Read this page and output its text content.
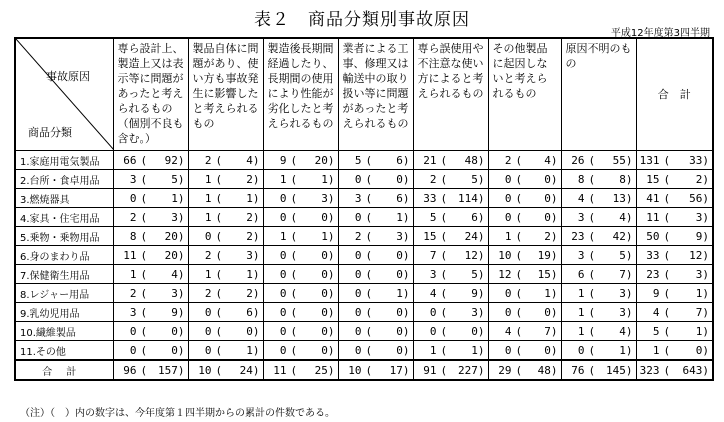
表２　商品分類別事故原因
平成12年度第3四半期
事故原因
商品分類	専ら設計上、製造上又は表示等に問題があったと考えられるもの（個別不良も含む。）	製品自体に問題があり、使い方も事故発生に影響したと考えられるもの	製造後長期間経過したり、長期間の使用により性能が劣化したと考えられるもの	業者による工事、修理又は輸送中の取り扱い等に問題があったと考えられるもの	専ら誤使用や不注意な使い方によると考えられるもの	その他製品に起因しないと考えられるもの	原因不明のもの	合　計
1.家庭用電気製品	66 ( 92 )	2 ( 4 )	9 ( 20 )	5 ( 6 )	21 ( 48 )	2 ( 4 )	26 ( 55 )	131 ( 33 )

2.台所・食卓用品	3 ( 5 )	1 ( 2 )	1 ( 1 )	0 ( 0 )	2 ( 5 )	0 ( 0 )	8 ( 8 )	15 ( 2 )

3.燃焼器具	0 ( 1 )	1 ( 1 )	0 ( 3 )	3 ( 6 )	33 ( 114 )	0 ( 0 )	4 ( 13 )	41 ( 56 )

4.家具・住宅用品	2 ( 3 )	1 ( 2 )	0 ( 0 )	0 ( 1 )	5 ( 6 )	0 ( 0 )	3 ( 4 )	11 ( 3 )

5.乗物・乗物用品	8 ( 20 )	0 ( 2 )	1 ( 1 )	2 ( 3 )	15 ( 24 )	1 ( 2 )	23 ( 42 )	50 ( 9 )

6.身のまわり品	11 ( 20 )	2 ( 3 )	0 ( 0 )	0 ( 0 )	7 ( 12 )	10 ( 19 )	3 ( 5 )	33 ( 12 )

7.保健衛生用品	1 ( 4 )	1 ( 1 )	0 ( 0 )	0 ( 0 )	3 ( 5 )	12 ( 15 )	6 ( 7 )	23 ( 3 )

8.レジャー用品	2 ( 3 )	2 ( 2 )	0 ( 0 )	0 ( 1 )	4 ( 9 )	0 ( 1 )	1 ( 3 )	9 ( 1 )

9.乳幼児用品	3 ( 9 )	0 ( 6 )	0 ( 0 )	0 ( 0 )	0 ( 3 )	0 ( 0 )	1 ( 3 )	4 ( 7 )

10.繊維製品	0 ( 0 )	0 ( 0 )	0 ( 0 )	0 ( 0 )	0 ( 0 )	4 ( 7 )	1 ( 4 )	5 ( 1 )

11.その他	0 ( 0 )	0 ( 1 )	0 ( 0 )	0 ( 0 )	1 ( 1 )	0 ( 0 )	0 ( 1 )	1 ( 0 )

合計	96 ( 157 )	10 ( 24 )	11 ( 25 )	10 ( 17 )	91 ( 227 )	29 ( 48 )	76 ( 145 )	323 ( 643 )
（注）（　）内の数字は、今年度第１四半期からの累計の件数である。
